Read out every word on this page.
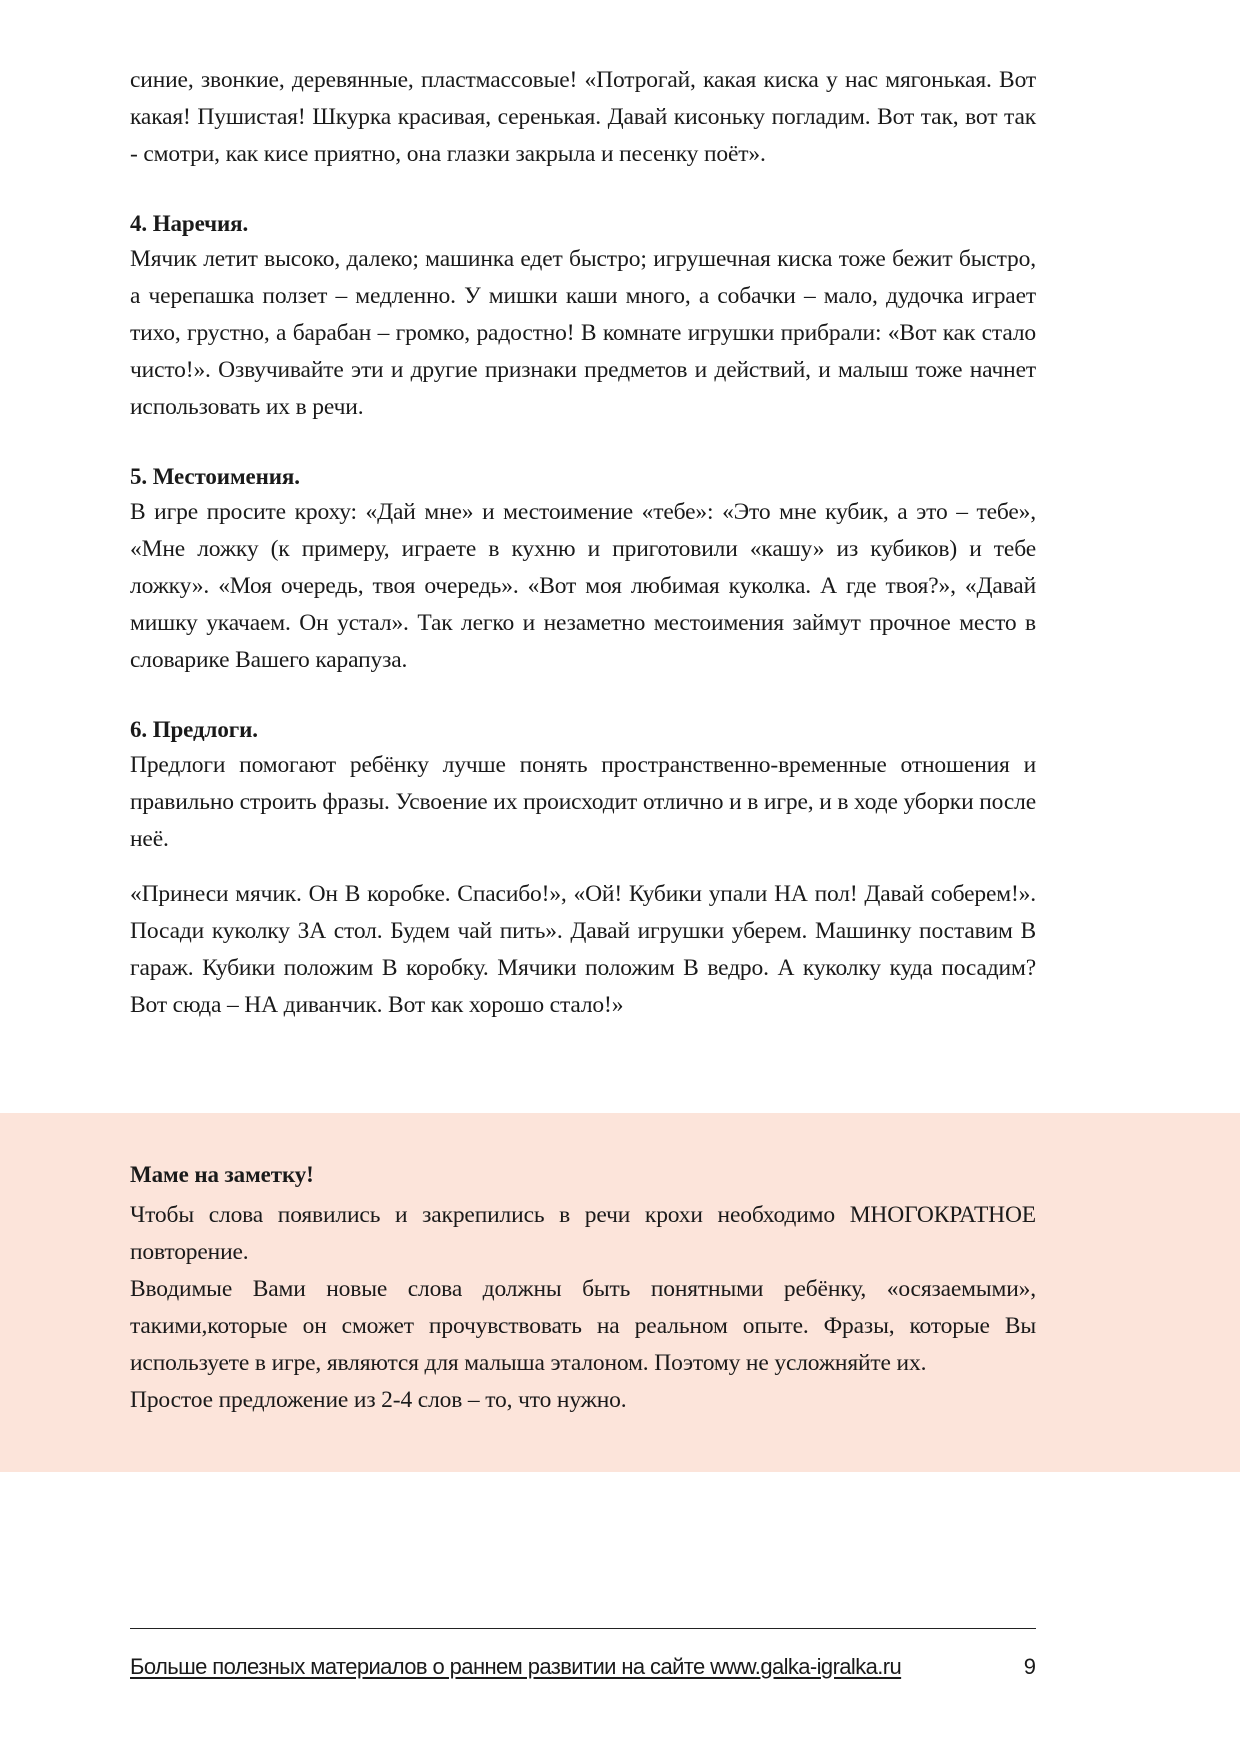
синие, звонкие, деревянные, пластмассовые! «Потрогай, какая киска у нас мягонькая. Вот какая! Пушистая! Шкурка красивая, серенькая. Давай кисоньку погладим. Вот так, вот так - смотри, как кисе приятно, она глазки закрыла и песенку поёт».

4. Наречия.

Мячик летит высоко, далеко; машинка едет быстро; игрушечная киска тоже бежит быстро, а черепашка ползет – медленно. У мишки каши много, а собачки – мало, дудочка играет тихо, грустно, а барабан – громко, радостно! В комнате игрушки прибрали: «Вот как стало чисто!». Озвучивайте эти и другие признаки предметов и действий, и малыш тоже начнет использовать их в речи.

5. Местоимения.

В игре просите кроху: «Дай мне» и местоимение «тебе»: «Это мне кубик, а это – тебе», «Мне ложку (к примеру, играете в кухню и приготовили «кашу» из кубиков) и тебе ложку». «Моя очередь, твоя очередь». «Вот моя любимая куколка. А где твоя?», «Давай мишку укачаем. Он устал». Так легко и незаметно местоимения займут прочное место в словарике Вашего карапуза.

6. Предлоги.

Предлоги помогают ребёнку лучше понять пространственно-временные отношения и правильно строить фразы. Усвоение их происходит отлично и в игре, и в ходе уборки после неё.

«Принеси мячик. Он В коробке. Спасибо!», «Ой! Кубики упали НА пол! Давай соберем!». Посади куколку ЗА стол. Будем чай пить». Давай игрушки уберем. Машинку поставим В гараж. Кубики положим В коробку. Мячики положим В ведро. А куколку куда посадим? Вот сюда – НА диванчик. Вот как хорошо стало!»

Маме на заметку!

Чтобы слова появились и закрепились в речи крохи необходимо МНОГОКРАТНОЕ повторение.

Вводимые Вами новые слова должны быть понятными ребёнку, «осязаемыми», такими,которые он сможет прочувствовать на реальном опыте. Фразы, которые Вы используете в игре, являются для малыша эталоном. Поэтому не усложняйте их.

Простое предложение из 2-4 слов – то, что нужно.

Больше полезных материалов о раннем развитии на сайте www.galka-igralka.ru	9
